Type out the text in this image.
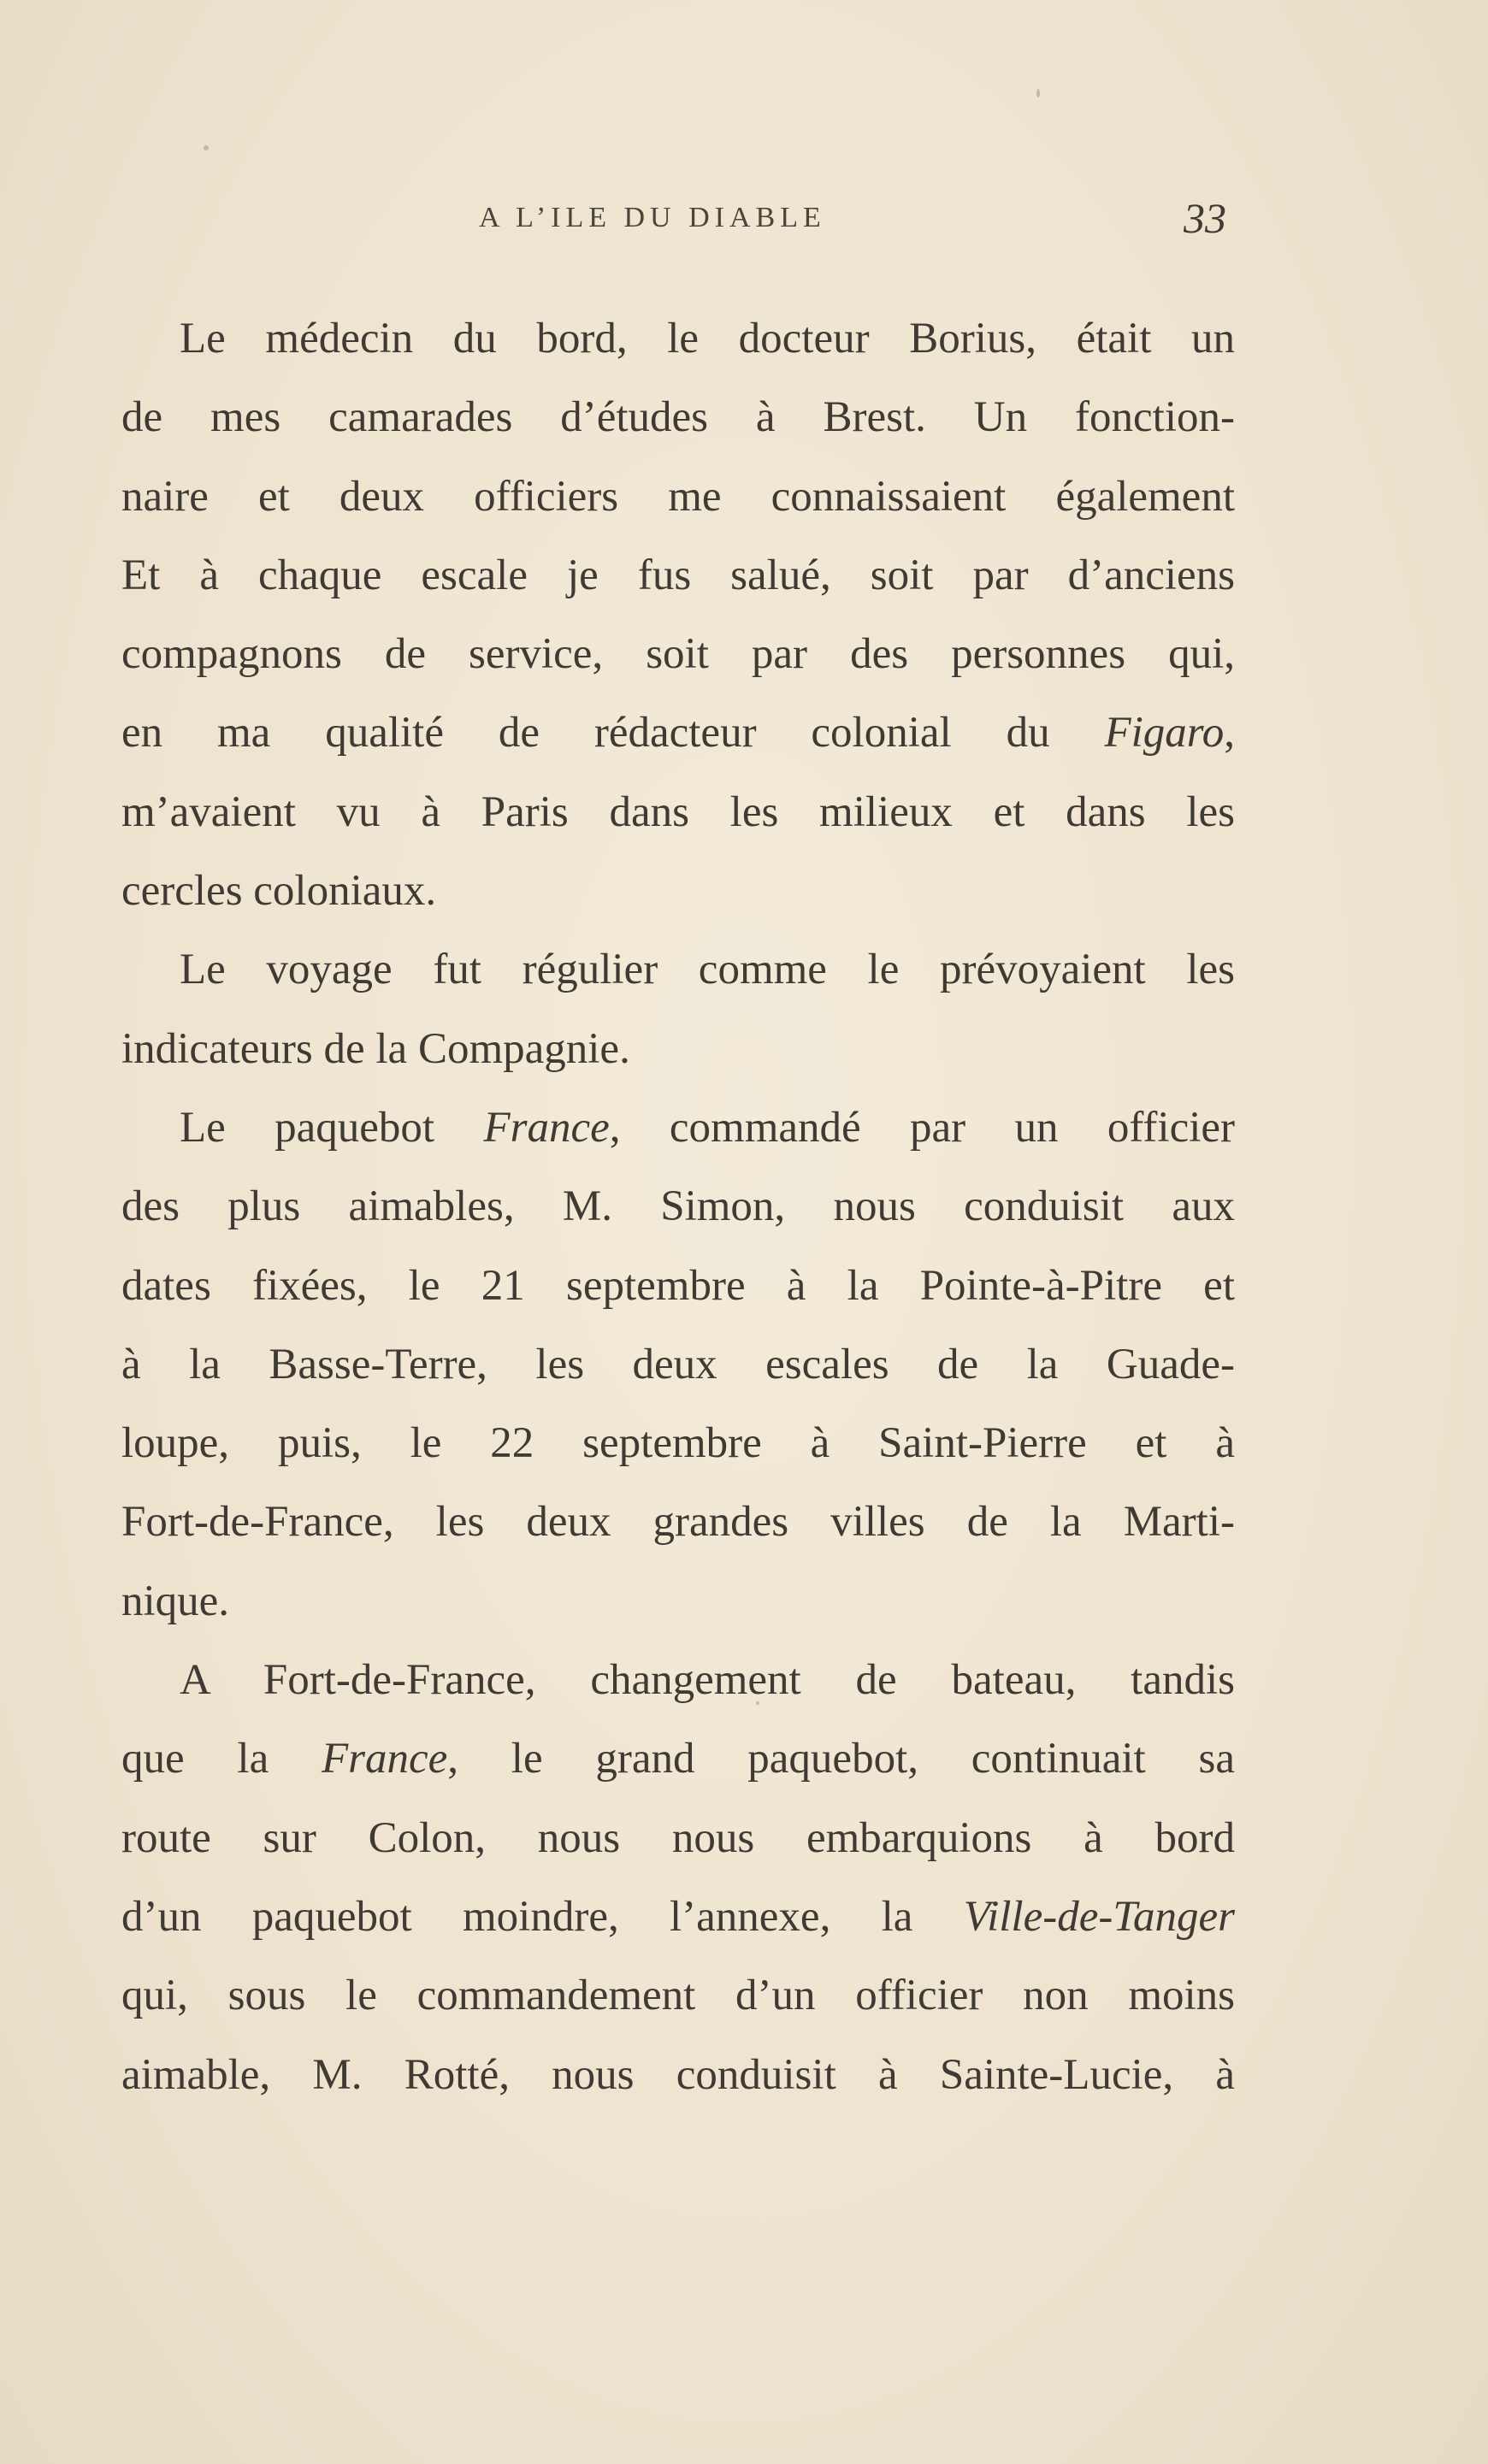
A L’ILE DU DIABLE	33
Le médecin du bord, le docteur Borius, était un
de mes camarades d’études à Brest. Un fonction-
naire et deux officiers me connaissaient également
Et à chaque escale je fus salué, soit par d’anciens
compagnons de service, soit par des personnes qui,
en ma qualité de rédacteur colonial du Figaro,
m’avaient vu à Paris dans les milieux et dans les
cercles coloniaux.
Le voyage fut régulier comme le prévoyaient les
indicateurs de la Compagnie.
Le paquebot France, commandé par un officier
des plus aimables, M. Simon, nous conduisit aux
dates fixées, le 21 septembre à la Pointe-à-Pitre et
à la Basse-Terre, les deux escales de la Guade-
loupe, puis, le 22 septembre à Saint-Pierre et à
Fort-de-France, les deux grandes villes de la Marti-
nique.
A Fort-de-France, changement de bateau, tandis
que la France, le grand paquebot, continuait sa
route sur Colon, nous nous embarquions à bord
d’un paquebot moindre, l’annexe, la Ville-de-Tanger
qui, sous le commandement d’un officier non moins
aimable, M. Rotté, nous conduisit à Sainte-Lucie, à
